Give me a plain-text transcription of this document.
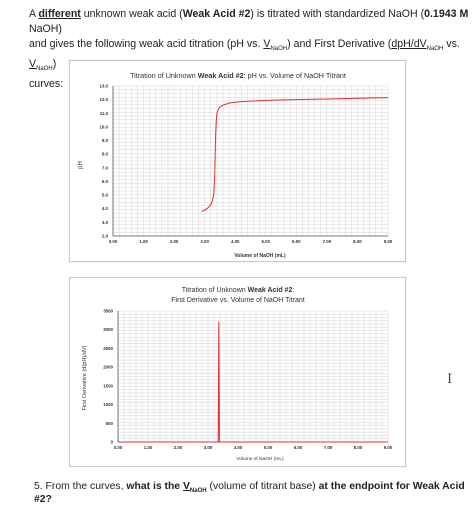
A different unknown weak acid (Weak Acid #2) is titrated with standardized NaOH (0.1943 M NaOH)
and gives the following weak acid titration (pH vs. $V_{NaOH}$) and First Derivative ($dpH/dV_{NaOH}$ vs. $V_{NaOH}$)
curves:
Titration of Unknown Weak Acid #2: pH vs. Volume of NaOH Titrant
0.00	1.00	2.00	3.00	4.00	5.00	6.00	7.00	8.00	9.00
2.0
3.0
4.0
5.0
6.0
7.0
8.0
9.0
10.0
11.0
12.0
13.0
Volume of NaOH (mL)
pH
Titration of Unknown Weak Acid #2:
First Derivative vs. Volume of NaOH Titrant
0.00	1.00	2.00	3.00	4.00	5.00	6.00	7.00	8.00	9.00
0
500
1000
1500
2000
2500
3000
3500
Volume of NaOH (mL)
First Derivative (d(pH)/dV)
5. From the curves, what is the $V_{NaOH}$ (volume of titrant base) at the endpoint for Weak Acid #2?
I
